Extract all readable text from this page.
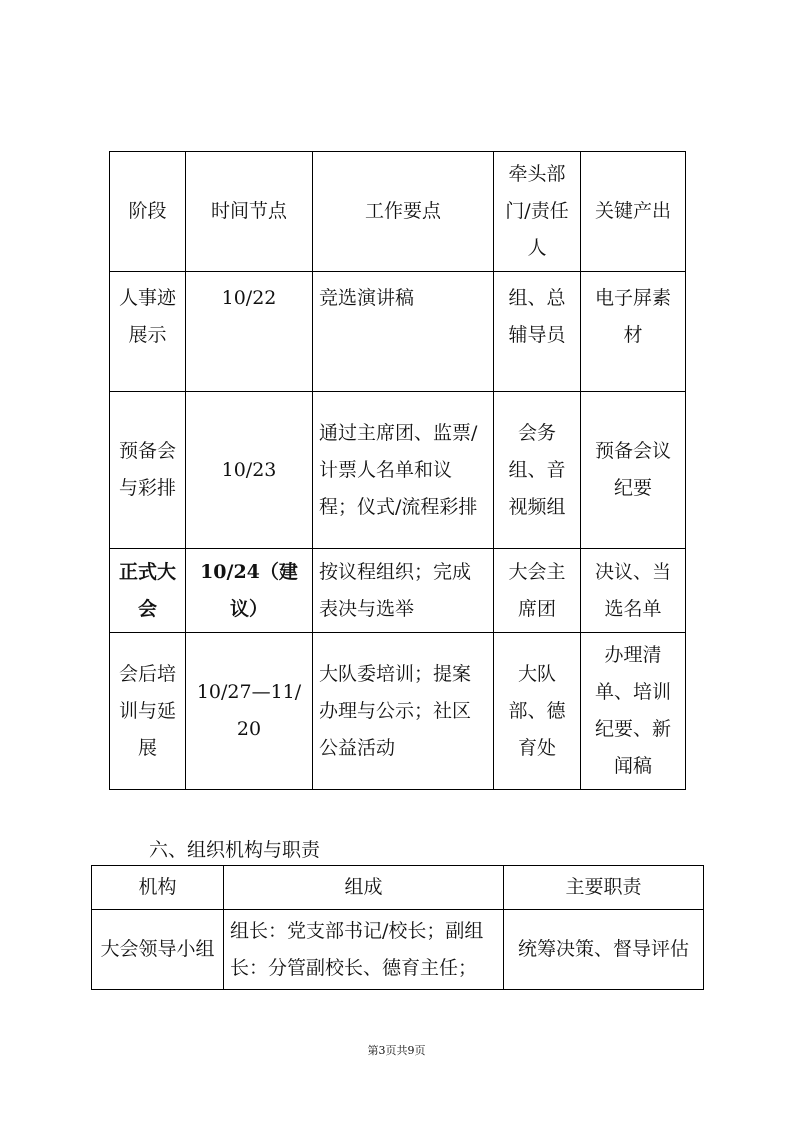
阶段	时间节点	工作要点	牵头部门/责任人	关键产出
人事迹展示	10/22	竞选演讲稿	组、总辅导员	电子屏素材
预备会与彩排	10/23	通过主席团、监票/计票人名单和议程；仪式/流程彩排	会务组、音视频组	预备会议纪要
正式大会	10/24（建议）	按议程组织；完成表决与选举	大会主席团	决议、当选名单
会后培训与延展	10/27—11/20	大队委培训；提案办理与公示；社区公益活动	大队部、德育处	办理清单、培训纪要、新闻稿
六、组织机构与职责
机构	组成	主要职责
大会领导小组	组长：党支部书记/校长；副组长：分管副校长、德育主任；	统筹决策、督导评估
第3页共9页
